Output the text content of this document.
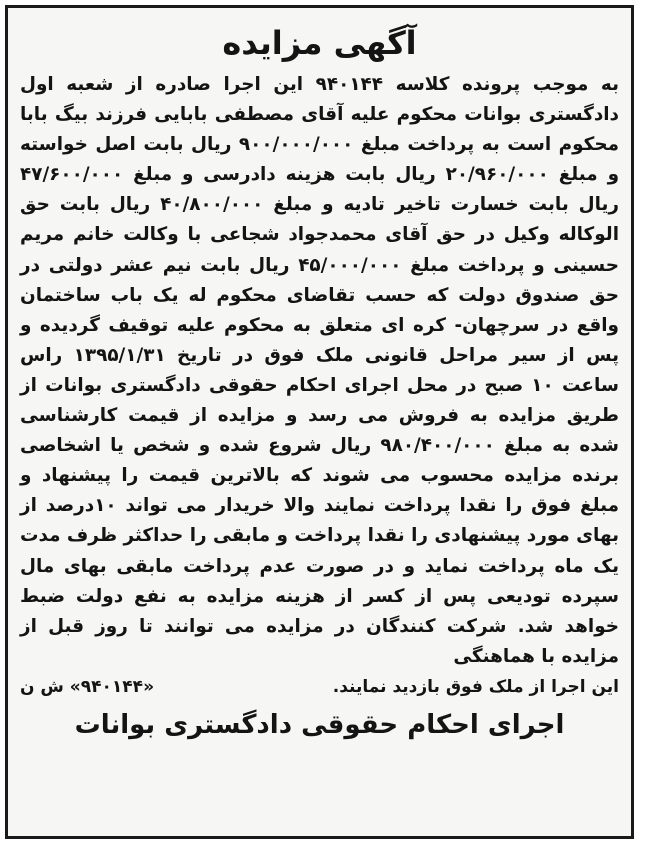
آگهی مزایده

به موجب پرونده کلاسه ۹۴۰۱۴۴ این اجرا صادره از شعبه اول دادگستری بوانات محکوم علیه آقای مصطفی بابایی فرزند بیگ بابا محکوم است به پرداخت مبلغ ۹۰۰/۰۰۰/۰۰۰ ریال بابت اصل خواسته و مبلغ ۲۰/۹۶۰/۰۰۰ ریال بابت هزینه دادرسی و مبلغ ۴۷/۶۰۰/۰۰۰ ریال بابت خسارت تاخیر تادیه و مبلغ ۴۰/۸۰۰/۰۰۰ ریال بابت حق الوکاله وکیل در حق آقای محمدجواد شجاعی با وکالت خانم مریم حسینی و پرداخت مبلغ ۴۵/۰۰۰/۰۰۰ ریال بابت نیم عشر دولتی در حق صندوق دولت که حسب تقاضای محکوم له یک باب ساختمان واقع در سرچهان- کره ای متعلق به محکوم علیه توقیف گردیده و پس از سیر مراحل قانونی ملک فوق در تاریخ ۱۳۹۵/۱/۳۱ راس ساعت ۱۰ صبح در محل اجرای احکام حقوقی دادگستری بوانات از طریق مزایده به فروش می رسد و مزایده از قیمت کارشناسی شده به مبلغ ۹۸۰/۴۰۰/۰۰۰ ریال شروع شده و شخص یا اشخاصی برنده مزایده محسوب می شوند که بالاترین قیمت را پیشنهاد و مبلغ فوق را نقدا پرداخت نمایند والا خریدار می تواند ۱۰درصد از بهای مورد پیشنهادی را نقدا پرداخت و مابقی را حداکثر ظرف مدت یک ماه پرداخت نماید و در صورت عدم پرداخت مابقی بهای مال سپرده تودیعی پس از کسر از هزینه مزایده به نفع دولت ضبط خواهد شد. شرکت کنندگان در مزایده می توانند تا روز قبل از مزایده با هماهنگی

این اجرا از ملک فوق بازدید نمایند.
«۹۴۰۱۴۴» ش ن
اجرای احکام حقوقی دادگستری بوانات
